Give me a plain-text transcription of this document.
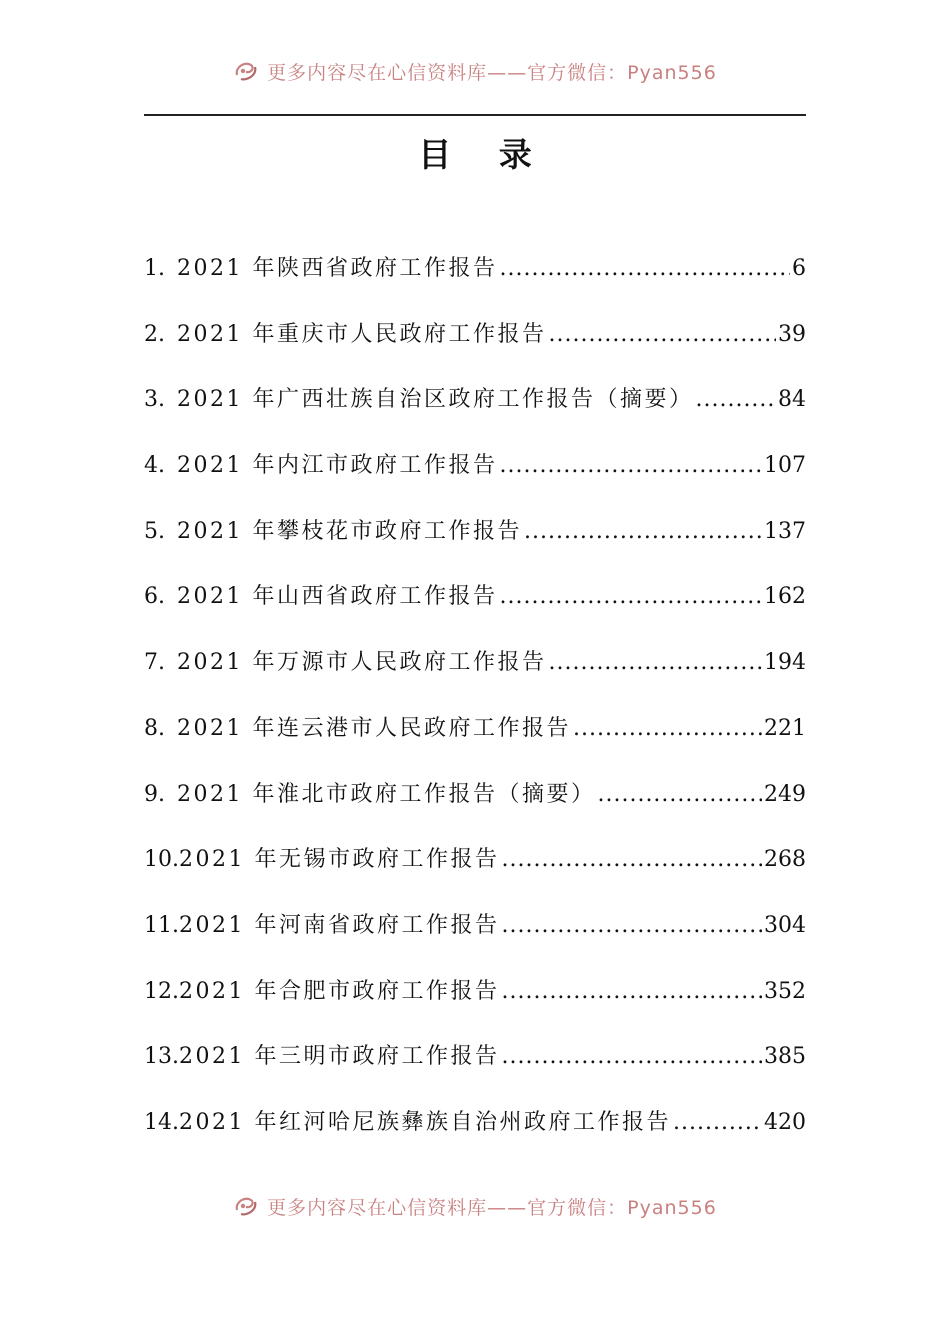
更多内容尽在心信资料库——官方微信：Pyan556
目 录
1. 2021 年陕西省政府工作报告 .....	6
2. 2021 年重庆市人民政府工作报告 .....	39
3. 2021 年广西壮族自治区政府工作报告（摘要） .....	84
4. 2021 年内江市政府工作报告 .....	107
5. 2021 年攀枝花市政府工作报告 .....	137
6. 2021 年山西省政府工作报告 .....	162
7. 2021 年万源市人民政府工作报告 .....	194
8. 2021 年连云港市人民政府工作报告 .....	221
9. 2021 年淮北市政府工作报告（摘要） .....	249
10. 2021 年无锡市政府工作报告 .....	268
11. 2021 年河南省政府工作报告 .....	304
12. 2021 年合肥市政府工作报告 .....	352
13. 2021 年三明市政府工作报告 .....	385
14. 2021 年红河哈尼族彝族自治州政府工作报告 .....	420
更多内容尽在心信资料库——官方微信：Pyan556
